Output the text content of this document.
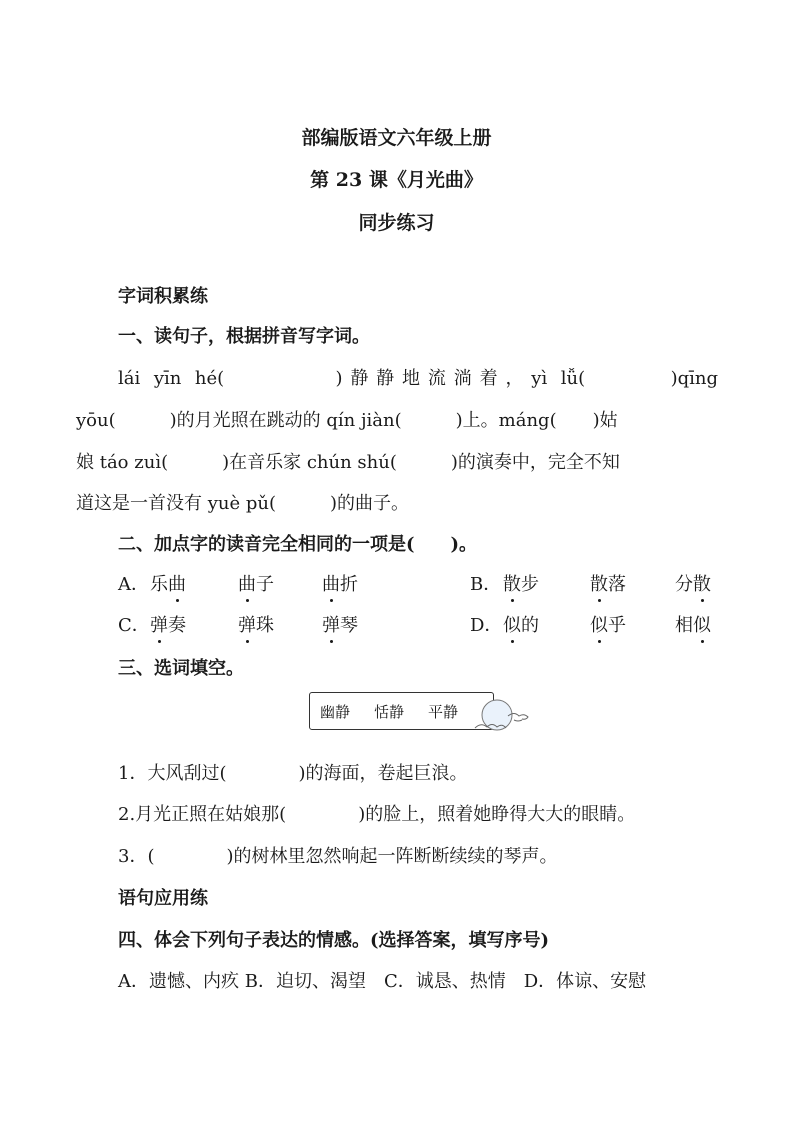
部编版语文六年级上册
第 23 课《月光曲》
同步练习
字词积累练
一、读句子，根据拼音写字词。
lái yīn hé(　　　　)静静地流淌着，yì lǚ(　　　)qīng
yōu(　　　)的月光照在跳动的 qín jiàn(　　　)上。máng(　　)姑
娘 táo zuì(　　　)在音乐家 chún shú(　　　)的演奏中，完全不知
道这是一首没有 yuè pǔ(　　　)的曲子。
二、加点字的读音完全相同的一项是(　　)。
A． 乐曲	曲子	曲折	B． 散步	散落	分散
C． 弹奏	弹珠	弹琴	D． 似的	似乎	相似
三、选词填空。
幽静 恬静 平静
1．大风刮过(　　　　)的海面，卷起巨浪。
2.月光正照在姑娘那(　　　　)的脸上，照着她睁得大大的眼睛。
3．(　　　　)的树林里忽然响起一阵断断续续的琴声。
语句应用练
四、体会下列句子表达的情感。(选择答案，填写序号)
A．遗憾、内疚 B．迫切、渴望　C．诚恳、热情　D．体谅、安慰
